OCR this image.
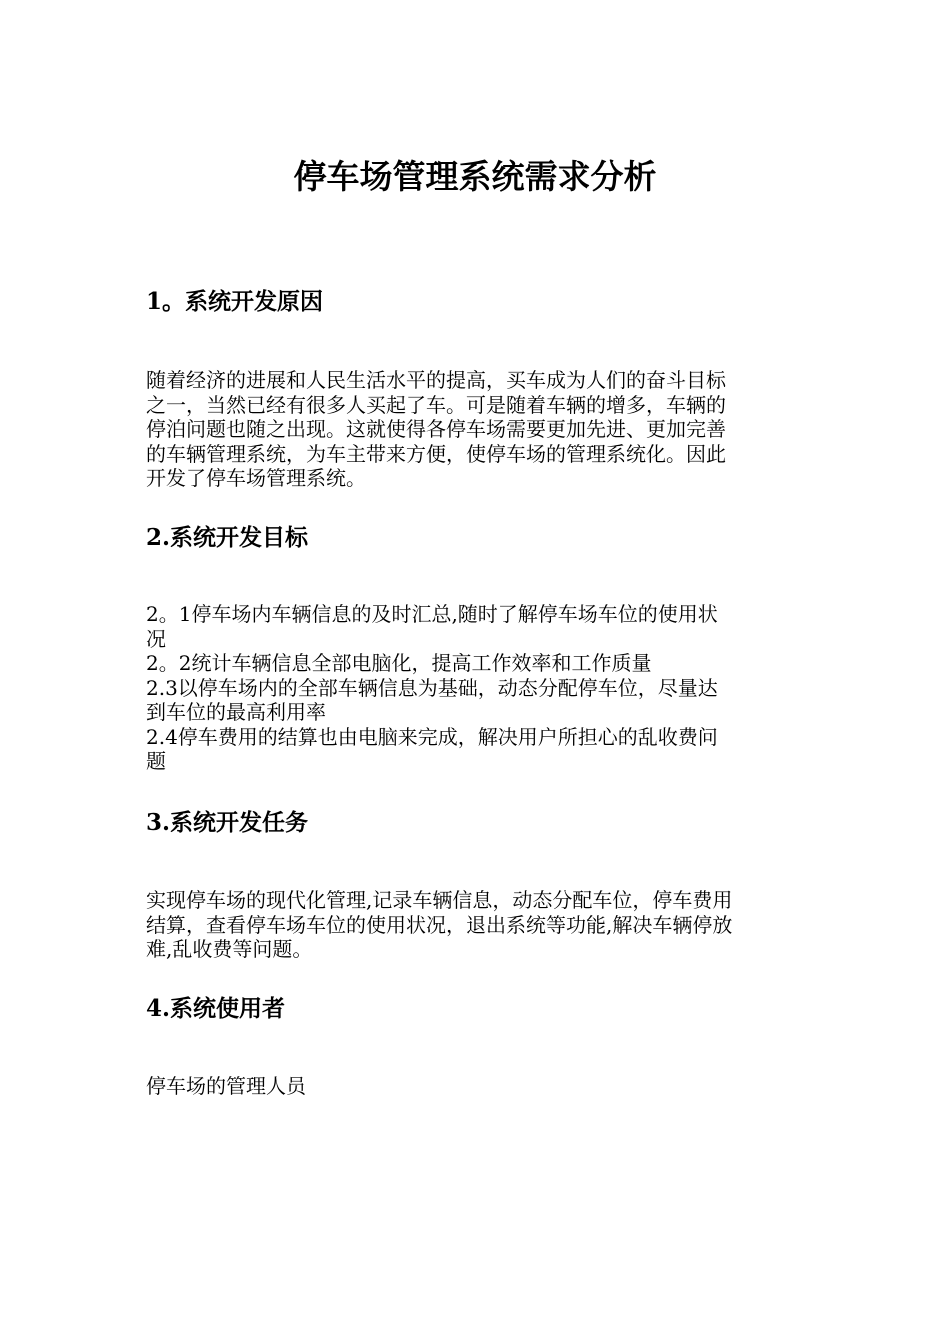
停车场管理系统需求分析
1。系统开发原因

随着经济的进展和人民生活水平的提高，买车成为人们的奋斗目标
之一，当然已经有很多人买起了车。可是随着车辆的增多，车辆的
停泊问题也随之出现。这就使得各停车场需要更加先进、更加完善
的车辆管理系统，为车主带来方便，使停车场的管理系统化。因此
开发了停车场管理系统。

2.系统开发目标

2。1停车场内车辆信息的及时汇总,随时了解停车场车位的使用状
况
2。2统计车辆信息全部电脑化，提高工作效率和工作质量
2.3以停车场内的全部车辆信息为基础，动态分配停车位，尽量达
到车位的最高利用率
2.4停车费用的结算也由电脑来完成，解决用户所担心的乱收费问
题

3.系统开发任务

实现停车场的现代化管理,记录车辆信息，动态分配车位，停车费用
结算，查看停车场车位的使用状况，退出系统等功能,解决车辆停放
难,乱收费等问题。

4.系统使用者

停车场的管理人员
